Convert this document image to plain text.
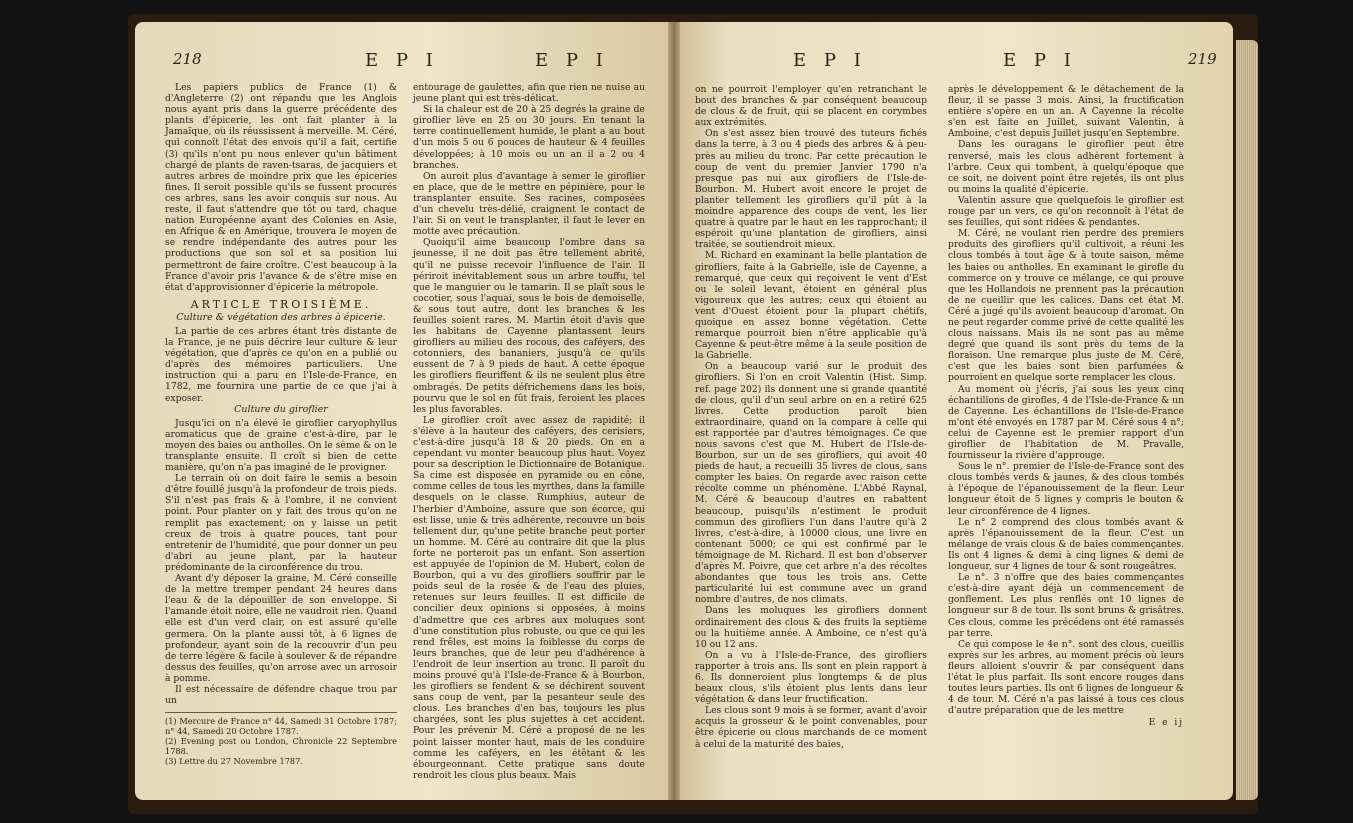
218	E P I	E P I

Les papiers publics de France (1) & d'Angleterre (2) ont répandu que les Anglois nous ayant pris dans la guerre précédente des plants d'épicerie, les ont fait planter à la Jamaïque, où ils réussissent à merveille. M. Céré, qui connoît l'état des envois qu'il a fait, certifie (3) qu'ils n'ont pu nous enlever qu'un bâtiment chargé de plants de raven-tsaras, de jacquiers et autres arbres de moindre prix que les épiceries fines. Il seroit possible qu'ils se fussent procurés ces arbres, sans les avoir conquis sur nous. Au reste, il faut s'attendre que tôt ou tard, chaque nation Européenne ayant des Colonies en Asie, en Afrique & en Amérique, trouvera le moyen de se rendre indépendante des autres pour les productions que son sol et sa position lui permettront de faire croître. C'est beaucoup à la France d'avoir pris l'avance & de s'être mise en état d'approvisionner d'épicerie la métropole.

ARTICLE TROISIÈME.
Culture & végétation des arbres à épicerie.

La partie de ces arbres étant très distante de la France, je ne puis décrire leur culture & leur végétation, que d'après ce qu'on en a publié ou d'après des mémoires particuliers. Une instruction qui a paru en l'Isle-de-France, en 1782, me fournira une partie de ce que j'ai à exposer.

Culture du giroflier

Jusqu'ici on n'a élevé le giroflier caryophyllus aromaticus que de graine c'est-à-dire, par le moyen des baies ou antholles. On le sème & on le transplante ensuite. Il croît si bien de cette manière, qu'on n'a pas imaginé de le provigner.

Le terrain où on doit faire le semis a besoin d'être fouillé jusqu'à la profondeur de trois pieds. S'il n'est pas frais & à l'ombre, il ne convient point. Pour planter on y fait des trous qu'on ne remplit pas exactement; on y laisse un petit creux de trois à quatre pouces, tant pour entretenir de l'humidité, que pour donner un peu d'abri au jeune plant, par la hauteur prédominante de la circonférence du trou.

Avant d'y déposer la graine, M. Céré conseille de la mettre tremper pendant 24 heures dans l'eau & de la dépouiller de son enveloppe. Si l'amande étoit noire, elle ne vaudroit rien. Quand elle est d'un verd clair, on est assuré qu'elle germera. On la plante aussi tôt, à 6 lignes de profondeur, ayant soin de la recouvrir d'un peu de terre légère & facile à soulever & de répandre dessus des feuilles, qu'on arrose avec un arrosoir à pomme.

Il est nécessaire de défendre chaque trou par un

(1) Mercure de France n° 44, Samedi 31 Octobre 1787; n° 44, Samedi 20 Octobre 1787.
(2) Evening post ou London, Chronicle 22 Septembre 1788.
(3) Lettre du 27 Novembre 1787.

entourage de gaulettes, afin que rien ne nuise au jeune plant qui est très-délicat.

Si la chaleur est de 20 à 25 degrés la graine de giroflier lève en 25 ou 30 jours. En tenant la terre continuellement humide, le plant a au bout d'un mois 5 ou 6 pouces de hauteur & 4 feuilles développées; à 10 mois ou un an il a 2 ou 4 branches.

On auroit plus d'avantage à semer le giroflier en place, que de le mettre en pépinière, pour le transplanter ensuite. Ses racines, composées d'un chevelu très-délié, craignent le contact de l'air. Si on veut le transplanter, il faut le lever en motte avec précaution.

Quoiqu'il aime beaucoup l'ombre dans sa jeunesse, il ne doit pas être tellement abrité, qu'il ne puisse recevoir l'influence de l'air. Il périroit inévitablement sous un arbre touffu, tel que le manguier ou le tamarin. Il se plaît sous le cocotier, sous l'aquai, sous le bois de demoiselle, & sous tout autre, dont les branches & les feuilles soient rares. M. Martin étoit d'avis que les habitans de Cayenne plantassent leurs girofliers au milieu des rocous, des caféyers, des cotonniers, des bananiers, jusqu'à ce qu'ils eussent de 7 à 9 pieds de haut. A cette époque les girofliers fleuriffent & ils ne seulent plus être ombragés. De petits défrichemens dans les bois, pourvu que le sol en fût frais, feroient les places les plus favorables.

Le giroflier croît avec assez de rapidité; il s'élève à la hauteur des caféyers, des cerisiers, c'est-à-dire jusqu'à 18 & 20 pieds. On en a cependant vu monter beaucoup plus haut. Voyez pour sa description le Dictionnaire de Botanique. Sa cime est disposée en pyramide ou en cône, comme celles de tous les myrthes, dans la famille desquels on le classe. Rumphius, auteur de l'herbier d'Amboine, assure que son écorce, qui est lisse, unie & très adhérente, recouvre un bois tellement dur, qu'une petite branche peut porter un homme. M. Céré au contraire dit que la plus forte ne porteroit pas un enfant. Son assertion est appuyée de l'opinion de M. Hubert, colon de Bourbon, qui a vu des girofliers souffrir par le poids seul de la rosée & de l'eau des pluies, retenues sur leurs feuilles. Il est difficile de concilier deux opinions si opposées, à moins d'admettre que ces arbres aux moluques sont d'une constitution plus robuste, ou que ce qui les rend frêles, est moins la foiblesse du corps de leurs branches, que de leur peu d'adhérence à l'endroit de leur insertion au tronc. Il paroît du moins prouvé qu'à l'Isle-de-France & à Bourbon, les girofliers se fendent & se déchirent souvent sans coup de vent, par la pesanteur seule des clous. Les branches d'en bas, toujours les plus chargées, sont les plus sujettes à cet accident. Pour les prévenir M. Céré a proposé de ne les point laisser monter haut, mais de les conduire comme les caféyers, en les étêtant & les ébourgeonnant. Cette pratique sans doute rendroit les clous plus beaux. Mais

E P I	E P I	219

on ne pourroit l'employer qu'en retranchant le bout des branches & par conséquent beaucoup de clous & de fruit, qui se placent en corymbes aux extrémités.

On s'est assez bien trouvé des tuteurs fichés dans la terre, à 3 ou 4 pieds des arbres & à peu-près au milieu du tronc. Par cette précaution le coup de vent du premier Janvier 1790 n'a presque pas nui aux girofliers de l'Isle-de-Bourbon. M. Hubert avoit encore le projet de planter tellement les girofliers qu'il pût à la moindre apparence des coups de vent, les lier quatre à quatre par le haut en les rapprochant; il espéroit qu'une plantation de girofliers, ainsi traitée, se soutiendroit mieux.

M. Richard en examinant la belle plantation de girofliers, faite à la Gabrielle, isle de Cayenne, a remarqué, que ceux qui reçoivent le vent d'Est ou le soleil levant, étoient en général plus vigoureux que les autres; ceux qui étoient au vent d'Ouest étoient pour la plupart chétifs, quoique en assez bonne végétation. Cette remarque pourroit bien n'être applicable qu'à Cayenne & peut-être même à la seule position de la Gabrielle.

On a beaucoup varié sur le produit des girofliers. Si l'on en croit Valentin (Hist. Simp. ref. page 202) ils donnent une si grande quantité de clous, qu'il d'un seul arbre on en a retiré 625 livres. Cette production paroît bien extraordinaire, quand on la compare à celle qui est rapportée par d'autres témoignages. Ce que nous savons c'est que M. Hubert de l'Isle-de-Bourbon, sur un de ses girofliers, qui avoit 40 pieds de haut, a recueilli 35 livres de clous, sans compter les baies. On regarde avec raison cette récolte comme un phénomène. L'Abbé Raynal, M. Céré & beaucoup d'autres en rabattent beaucoup, puisqu'ils n'estiment le produit commun des girofliers l'un dans l'autre qu'à 2 livres, c'est-à-dire, à 10000 clous, une livre en contenant 5000; ce qui est confirmé par le témoignage de M. Richard. Il est bon d'observer d'après M. Poivre, que cet arbre n'a des récoltes abondantes que tous les trois ans. Cette particularité lui est commune avec un grand nombre d'autres, de nos climats.

Dans les moluques les girofliers donnent ordinairement des clous & des fruits la septième ou la huitième année. A Amboine, ce n'est qu'à 10 ou 12 ans.

On a vu à l'Isle-de-France, des girofliers rapporter à trois ans. Ils sont en plein rapport à 6. Ils donneroient plus longtemps & de plus beaux clous, s'ils étoient plus lents dans leur végétation & dans leur fructification.

Les clous sont 9 mois à se former, avant d'avoir acquis la grosseur & le point convenables, pour être épicerie ou clous marchands de ce moment à celui de la maturité des baies,

après le développement & le détachement de la fleur, il se passe 3 mois. Ainsi, la fructification entière s'opère en un an. A Cayenne la récolte s'en est faite en Juillet, suivant Valentin, à Amboine, c'est depuis Juillet jusqu'en Septembre.

Dans les ouragans le giroflier peut être renversé, mais les clous adhèrent fortement à l'arbre. Ceux qui tombent, à quelqu'époque que ce soit, ne doivent point être rejetés, ils ont plus ou moins la qualité d'épicerie.

Valentin assure que quelquefois le giroflier est rouge par un vers, ce qu'on reconnoît à l'état de ses feuilles, qui sont ridées & pendantes.

M. Céré, ne voulant rien perdre des premiers produits des girofliers qu'il cultivoit, a réuni les clous tombés à tout âge & à toute saison, même les baies ou antholles. En examinant le girofle du commerce on y trouve ce mélange, ce qui prouve que les Hollandois ne prennent pas la précaution de ne cueillir que les calices. Dans cet état M. Céré a jugé qu'ils avoient beaucoup d'aromat. On ne peut regarder comme privé de cette qualité les clous naissans. Mais ils ne sont pas au même degré que quand ils sont près du tems de la floraison. Une remarque plus juste de M. Céré, c'est que les baies sont bien parfumées & pourroient en quelque sorte remplacer les clous.

Au moment où j'écris, j'ai sous les yeux cinq échantillons de girofles, 4 de l'Isle-de-France & un de Cayenne. Les échantillons de l'Isle-de-France m'ont été envoyés en 1787 par M. Céré sous 4 n°; celui de Cayenne est le premier rapport d'un giroflier de l'habitation de M. Pravalle, fournisseur la rivière d'approuge.

Sous le n°. premier de l'Isle-de-France sont des clous tombés verds & jaunes, & des clous tombés à l'époque de l'épanouissement de la fleur. Leur longueur étoit de 5 lignes y compris le bouton & leur circonférence de 4 lignes.

Le n° 2 comprend des clous tombés avant & après l'épanouissement de la fleur. C'est un mélange de vrais clous & de baies commençantes. Ils ont 4 lignes & demi à cinq lignes & demi de longueur, sur 4 lignes de tour & sont rougeâtres.

Le n°. 3 n'offre que des baies commençantes c'est-à-dire ayant déjà un commencement de gonflement. Les plus renflés ont 10 lignes de longueur sur 8 de tour. Ils sont bruns & grisâtres. Ces clous, comme les précédens ont été ramassés par terre.

Ce qui compose le 4e n°. sont des clous, cueillis exprès sur les arbres, au moment précis où leurs fleurs alloient s'ouvrir & par conséquent dans l'état le plus parfait. Ils sont encore rouges dans toutes leurs parties. Ils ont 6 lignes de longueur & 4 de tour. M. Céré n'a pas laissé à tous ces clous d'autre préparation que de les mettre

E e ij
